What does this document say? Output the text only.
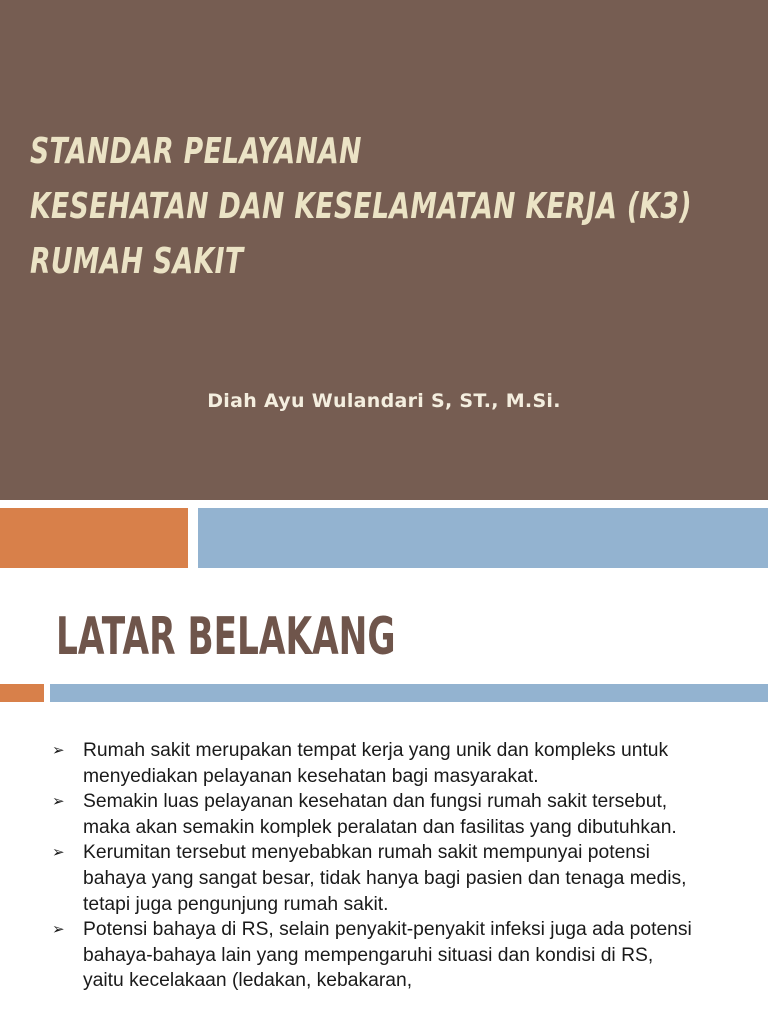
STANDAR PELAYANAN
KESEHATAN DAN KESELAMATAN KERJA (K3)
RUMAH SAKIT
Diah Ayu Wulandari S, ST., M.Si.
LATAR BELAKANG

➢ Rumah sakit merupakan tempat kerja yang unik dan kompleks untuk menyediakan pelayanan kesehatan bagi masyarakat.

➢ Semakin luas pelayanan kesehatan dan fungsi rumah sakit tersebut, maka akan semakin komplek peralatan dan fasilitas yang dibutuhkan.

➢ Kerumitan tersebut menyebabkan rumah sakit mempunyai potensi bahaya yang sangat besar, tidak hanya bagi pasien dan tenaga medis, tetapi juga pengunjung rumah sakit.

➢ Potensi bahaya di RS, selain penyakit-penyakit infeksi juga ada potensi bahaya-bahaya lain yang mempengaruhi situasi dan kondisi di RS, yaitu kecelakaan (ledakan, kebakaran,
